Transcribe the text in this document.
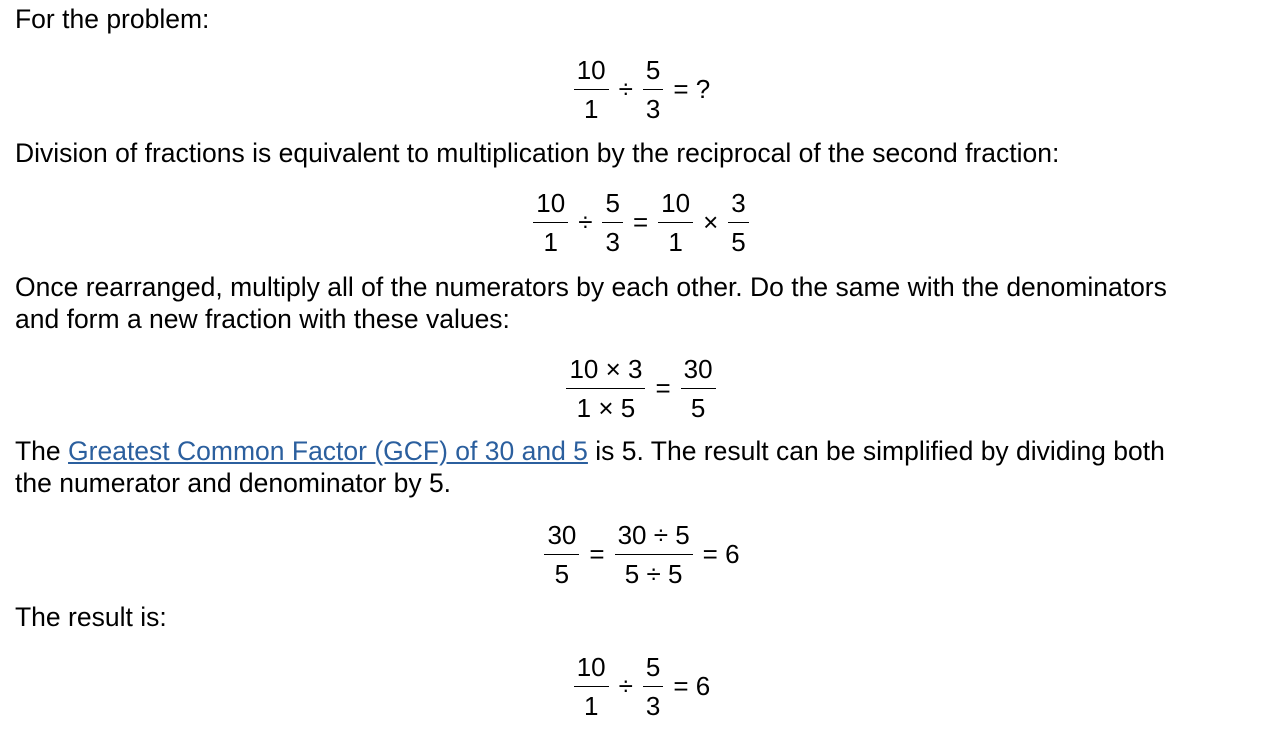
For the problem:
$\frac{10}{1} \div \frac{5}{3}$ = ?
Division of fractions is equivalent to multiplication by the reciprocal of the second fraction:
$\frac{10}{1} \div \frac{5}{3} = \frac{10}{1} \times \frac{3}{5}$
Once rearranged, multiply all of the numerators by each other. Do the same with the denominators
and form a new fraction with these values:
$\frac{10 \times 3}{1 \times 5} = \frac{30}{5}$
The Greatest Common Factor (GCF) of 30 and 5 is 5. The result can be simplified by dividing both
the numerator and denominator by 5.
$\frac{30}{5} = \frac{30 \div 5}{5 \div 5} = 6$
The result is:
$\frac{10}{1} \div \frac{5}{3} = 6$
